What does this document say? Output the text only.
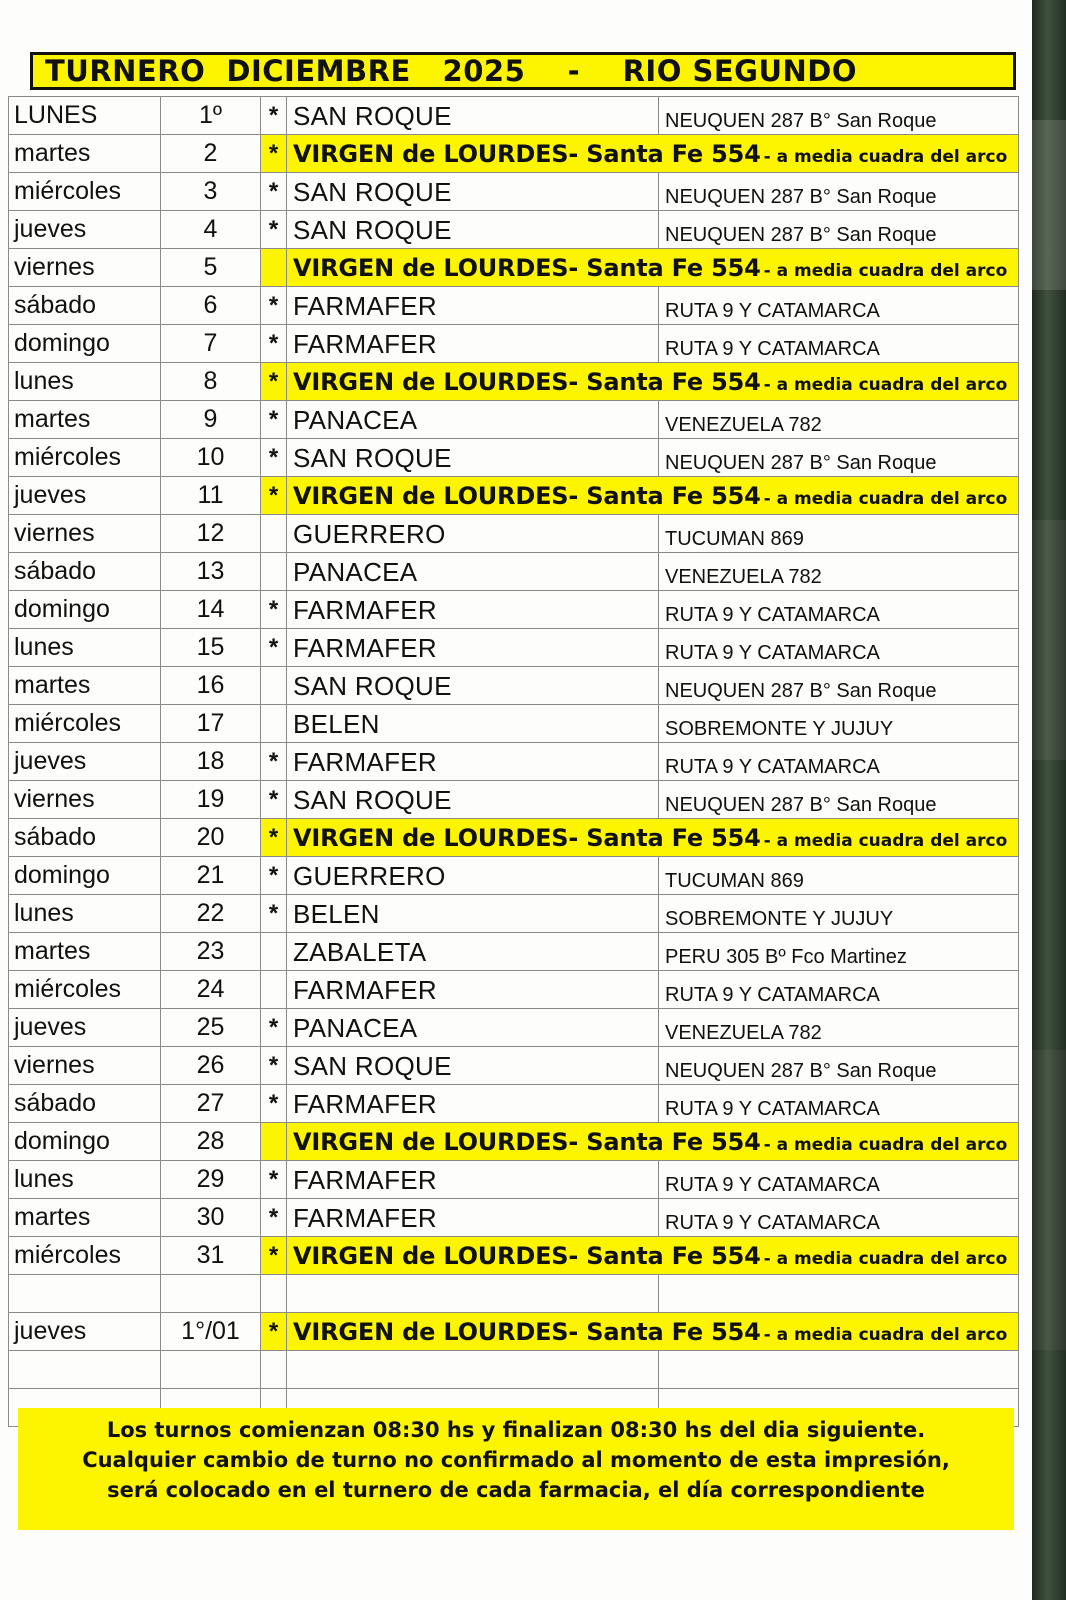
TURNERO  DICIEMBRE   2025    -    RIO SEGUNDO
LUNES	1º	*	SAN ROQUE	NEUQUEN 287 B° San Roque

martes	2	*	VIRGEN de LOURDES- Santa Fe 554 - a media cuadra del arco	

miércoles	3	*	SAN ROQUE	NEUQUEN 287 B° San Roque

jueves	4	*	SAN ROQUE	NEUQUEN 287 B° San Roque

viernes	5		VIRGEN de LOURDES- Santa Fe 554 - a media cuadra del arco	

sábado	6	*	FARMAFER	RUTA 9 Y CATAMARCA

domingo	7	*	FARMAFER	RUTA 9 Y CATAMARCA

lunes	8	*	VIRGEN de LOURDES- Santa Fe 554 - a media cuadra del arco	

martes	9	*	PANACEA	VENEZUELA 782

miércoles	10	*	SAN ROQUE	NEUQUEN 287 B° San Roque

jueves	11	*	VIRGEN de LOURDES- Santa Fe 554 - a media cuadra del arco	

viernes	12		GUERRERO	TUCUMAN 869

sábado	13		PANACEA	VENEZUELA 782

domingo	14	*	FARMAFER	RUTA 9 Y CATAMARCA

lunes	15	*	FARMAFER	RUTA 9 Y CATAMARCA

martes	16		SAN ROQUE	NEUQUEN 287 B° San Roque

miércoles	17		BELEN	SOBREMONTE Y JUJUY

jueves	18	*	FARMAFER	RUTA 9 Y CATAMARCA

viernes	19	*	SAN ROQUE	NEUQUEN 287 B° San Roque

sábado	20	*	VIRGEN de LOURDES- Santa Fe 554 - a media cuadra del arco	

domingo	21	*	GUERRERO	TUCUMAN 869

lunes	22	*	BELEN	SOBREMONTE Y JUJUY

martes	23		ZABALETA	PERU 305 Bº Fco Martinez

miércoles	24		FARMAFER	RUTA 9 Y CATAMARCA

jueves	25	*	PANACEA	VENEZUELA 782

viernes	26	*	SAN ROQUE	NEUQUEN 287 B° San Roque

sábado	27	*	FARMAFER	RUTA 9 Y CATAMARCA

domingo	28		VIRGEN de LOURDES- Santa Fe 554 - a media cuadra del arco	

lunes	29	*	FARMAFER	RUTA 9 Y CATAMARCA

martes	30	*	FARMAFER	RUTA 9 Y CATAMARCA

miércoles	31	*	VIRGEN de LOURDES- Santa Fe 554 - a media cuadra del arco	

jueves	1°/01	*	VIRGEN de LOURDES- Santa Fe 554 - a media cuadra del arco	

Los turnos comienzan 08:30 hs y finalizan 08:30 hs del dia siguiente.

Cualquier cambio de turno no confirmado al momento de esta impresión,

será colocado en el turnero de cada farmacia, el día correspondiente
